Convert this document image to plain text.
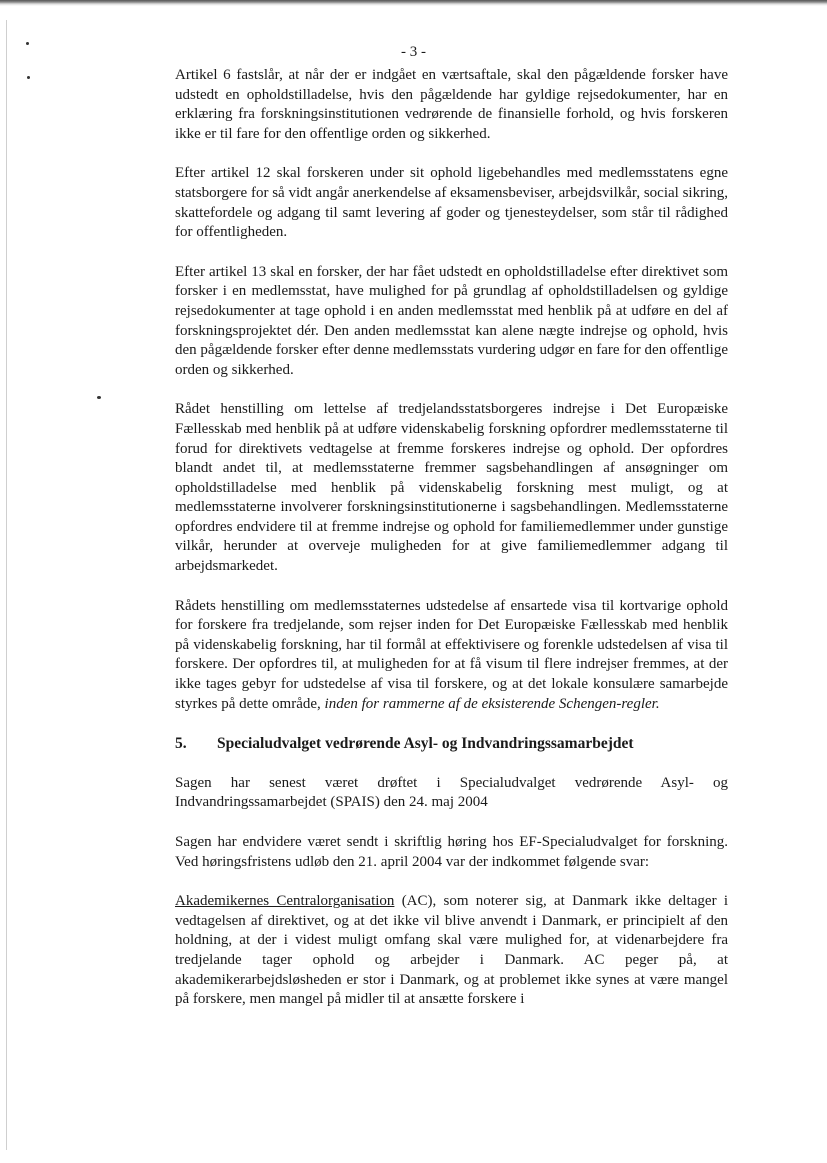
- 3 -

Artikel 6 fastslår, at når der er indgået en værtsaftale, skal den pågældende forsker have udstedt en opholdstilladelse, hvis den pågældende har gyldige rejsedokumenter, har en erklæring fra forskningsinstitutionen vedrørende de finansielle forhold, og hvis forskeren ikke er til fare for den offentlige orden og sikkerhed.

Efter artikel 12 skal forskeren under sit ophold ligebehandles med medlemsstatens egne statsborgere for så vidt angår anerkendelse af eksamensbeviser, arbejdsvilkår, social sikring, skattefordele og adgang til samt levering af goder og tjenesteydelser, som står til rådighed for offentligheden.

Efter artikel 13 skal en forsker, der har fået udstedt en opholdstilladelse efter direktivet som forsker i en medlemsstat, have mulighed for på grundlag af opholdstilladelsen og gyldige rejsedokumenter at tage ophold i en anden medlemsstat med henblik på at udføre en del af forskningsprojektet dér. Den anden medlemsstat kan alene nægte indrejse og ophold, hvis den pågældende forsker efter denne medlemsstats vurdering udgør en fare for den offentlige orden og sikkerhed.

Rådet henstilling om lettelse af tredjelandsstatsborgeres indrejse i Det Europæiske Fællesskab med henblik på at udføre videnskabelig forskning opfordrer medlemsstaterne til forud for direktivets vedtagelse at fremme forskeres indrejse og ophold. Der opfordres blandt andet til, at medlemsstaterne fremmer sagsbehandlingen af ansøgninger om opholdstilladelse med henblik på videnskabelig forskning mest muligt, og at medlemsstaterne involverer forskningsinstitutionerne i sagsbehandlingen. Medlemsstaterne opfordres endvidere til at fremme indrejse og ophold for familiemedlemmer under gunstige vilkår, herunder at overveje muligheden for at give familiemedlemmer adgang til arbejdsmarkedet.

Rådets henstilling om medlemsstaternes udstedelse af ensartede visa til kortvarige ophold for forskere fra tredjelande, som rejser inden for Det Europæiske Fællesskab med henblik på videnskabelig forskning, har til formål at effektivisere og forenkle udstedelsen af visa til forskere. Der opfordres til, at muligheden for at få visum til flere indrejser fremmes, at der ikke tages gebyr for udstedelse af visa til forskere, og at det lokale konsulære samarbejde styrkes på dette område, inden for rammerne af de eksisterende Schengen-regler.

5.	Specialudvalget vedrørende Asyl- og Indvandringssamarbejdet

Sagen har senest været drøftet i Specialudvalget vedrørende Asyl- og Indvandringssamarbejdet (SPAIS) den 24. maj 2004

Sagen har endvidere været sendt i skriftlig høring hos EF-Specialudvalget for forskning. Ved høringsfristens udløb den 21. april 2004 var der indkommet følgende svar:

Akademikernes Centralorganisation (AC), som noterer sig, at Danmark ikke deltager i vedtagelsen af direktivet, og at det ikke vil blive anvendt i Danmark, er principielt af den holdning, at der i videst muligt omfang skal være mulighed for, at videnarbejdere fra tredjelande tager ophold og arbejder i Danmark. AC peger på, at akademikerarbejdsløsheden er stor i Danmark, og at problemet ikke synes at være mangel på forskere, men mangel på midler til at ansætte forskere i
